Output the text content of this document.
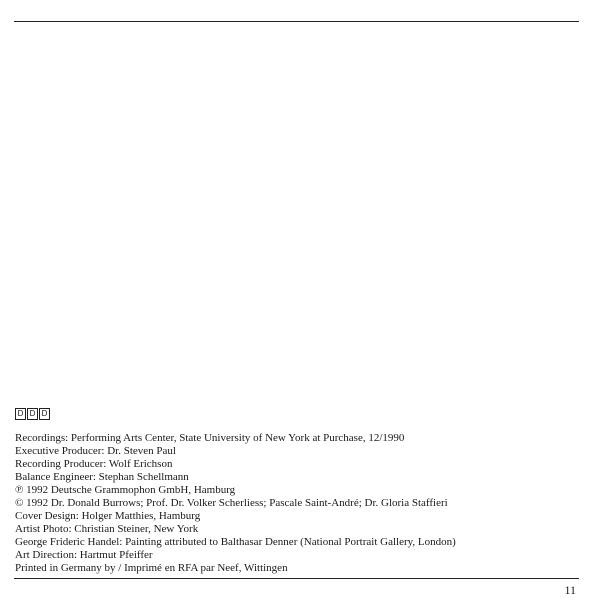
D D D
Recordings: Performing Arts Center, State University of New York at Purchase, 12/1990
Executive Producer: Dr. Steven Paul
Recording Producer: Wolf Erichson
Balance Engineer: Stephan Schellmann
℗ 1992 Deutsche Grammophon GmbH, Hamburg
© 1992 Dr. Donald Burrows; Prof. Dr. Volker Scherliess; Pascale Saint-André; Dr. Gloria Staffieri
Cover Design: Holger Matthies, Hamburg
Artist Photo: Christian Steiner, New York
George Frideric Handel: Painting attributed to Balthasar Denner (National Portrait Gallery, London)
Art Direction: Hartmut Pfeiffer
Printed in Germany by / Imprimé en RFA par Neef, Wittingen
11
